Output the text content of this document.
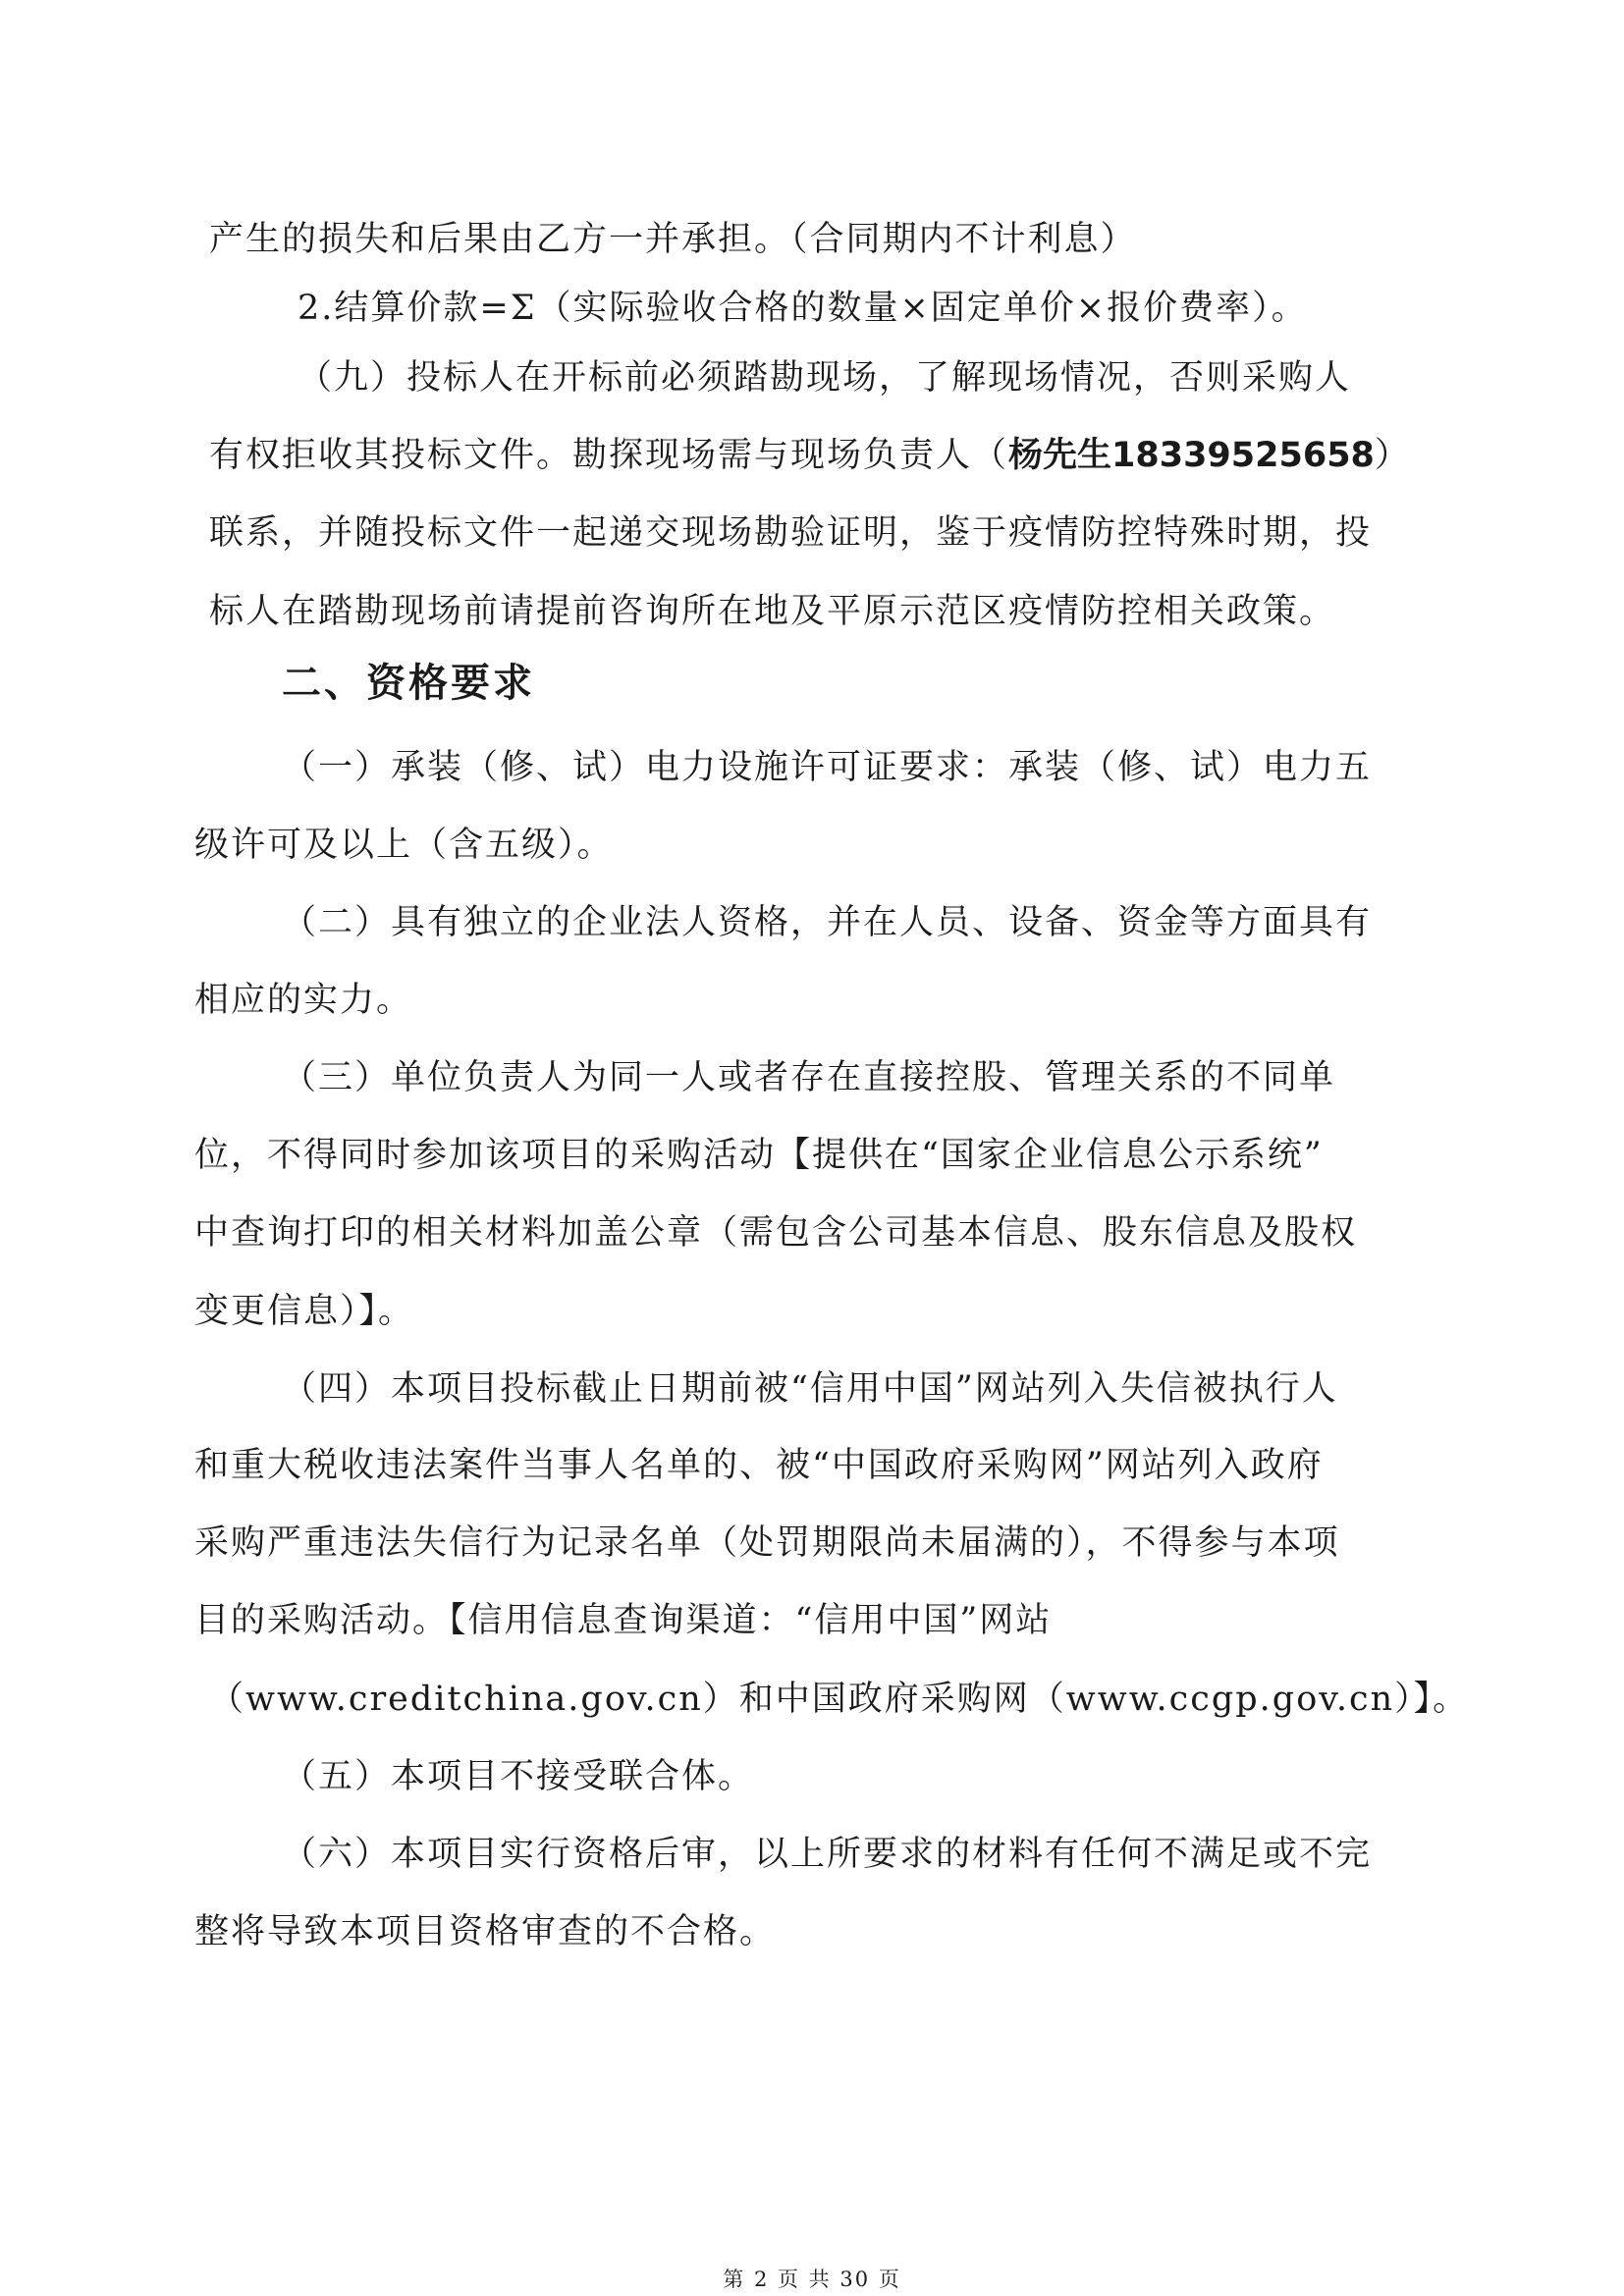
产生的损失和后果由乙方一并承担。（合同期内不计利息）
2.结算价款=Σ（实际验收合格的数量×固定单价×报价费率）。
（九）投标人在开标前必须踏勘现场，了解现场情况，否则采购人
有权拒收其投标文件。勘探现场需与现场负责人（杨先生18339525658）
联系，并随投标文件一起递交现场勘验证明，鉴于疫情防控特殊时期，投
标人在踏勘现场前请提前咨询所在地及平原示范区疫情防控相关政策。
二、资格要求
（一）承装（修、试）电力设施许可证要求：承装（修、试）电力五
级许可及以上（含五级）。
（二）具有独立的企业法人资格，并在人员、设备、资金等方面具有
相应的实力。
（三）单位负责人为同一人或者存在直接控股、管理关系的不同单
位，不得同时参加该项目的采购活动【提供在“国家企业信息公示系统”
中查询打印的相关材料加盖公章（需包含公司基本信息、股东信息及股权
变更信息）】。
（四）本项目投标截止日期前被“信用中国”网站列入失信被执行人
和重大税收违法案件当事人名单的、被“中国政府采购网”网站列入政府
采购严重违法失信行为记录名单（处罚期限尚未届满的），不得参与本项
目的采购活动。【信用信息查询渠道：“信用中国”网站
（www.creditchina.gov.cn）和中国政府采购网（www.ccgp.gov.cn）】。
（五）本项目不接受联合体。
（六）本项目实行资格后审，以上所要求的材料有任何不满足或不完
整将导致本项目资格审查的不合格。
第 2 页 共 30 页
